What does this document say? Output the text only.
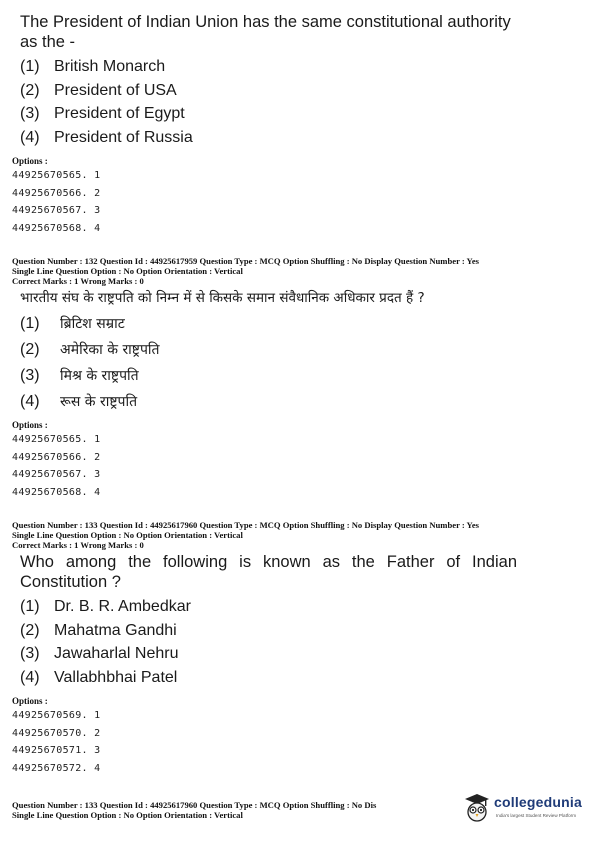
The President of Indian Union has the same constitutional authority
as the -
(1) British Monarch
(2) President of USA
(3) President of Egypt
(4) President of Russia
Options :
44925670565. 1
44925670566. 2
44925670567. 3
44925670568. 4
Question Number : 132 Question Id : 44925617959 Question Type : MCQ Option Shuffling : No Display Question Number : Yes
Single Line Question Option : No Option Orientation : Vertical
Correct Marks : 1 Wrong Marks : 0
भारतीय संघ के राष्ट्रपति को निम्न में से किसके समान संवैधानिक अधिकार प्रदत हैं ?
(1) ब्रिटिश सम्राट
(2) अमेरिका के राष्ट्रपति
(3) मिश्र के राष्ट्रपति
(4) रूस के राष्ट्रपति
Options :
44925670565. 1
44925670566. 2
44925670567. 3
44925670568. 4
Question Number : 133 Question Id : 44925617960 Question Type : MCQ Option Shuffling : No Display Question Number : Yes
Single Line Question Option : No Option Orientation : Vertical
Correct Marks : 1 Wrong Marks : 0
Who among the following is known as the Father of Indian
Constitution ?
(1) Dr. B. R. Ambedkar
(2) Mahatma Gandhi
(3) Jawaharlal Nehru
(4) Vallabhbhai Patel
Options :
44925670569. 1
44925670570. 2
44925670571. 3
44925670572. 4
Question Number : 133 Question Id : 44925617960 Question Type : MCQ Option Shuffling : No Dis
Single Line Question Option : No Option Orientation : Vertical
collegedunia
India's largest Student Review Platform
